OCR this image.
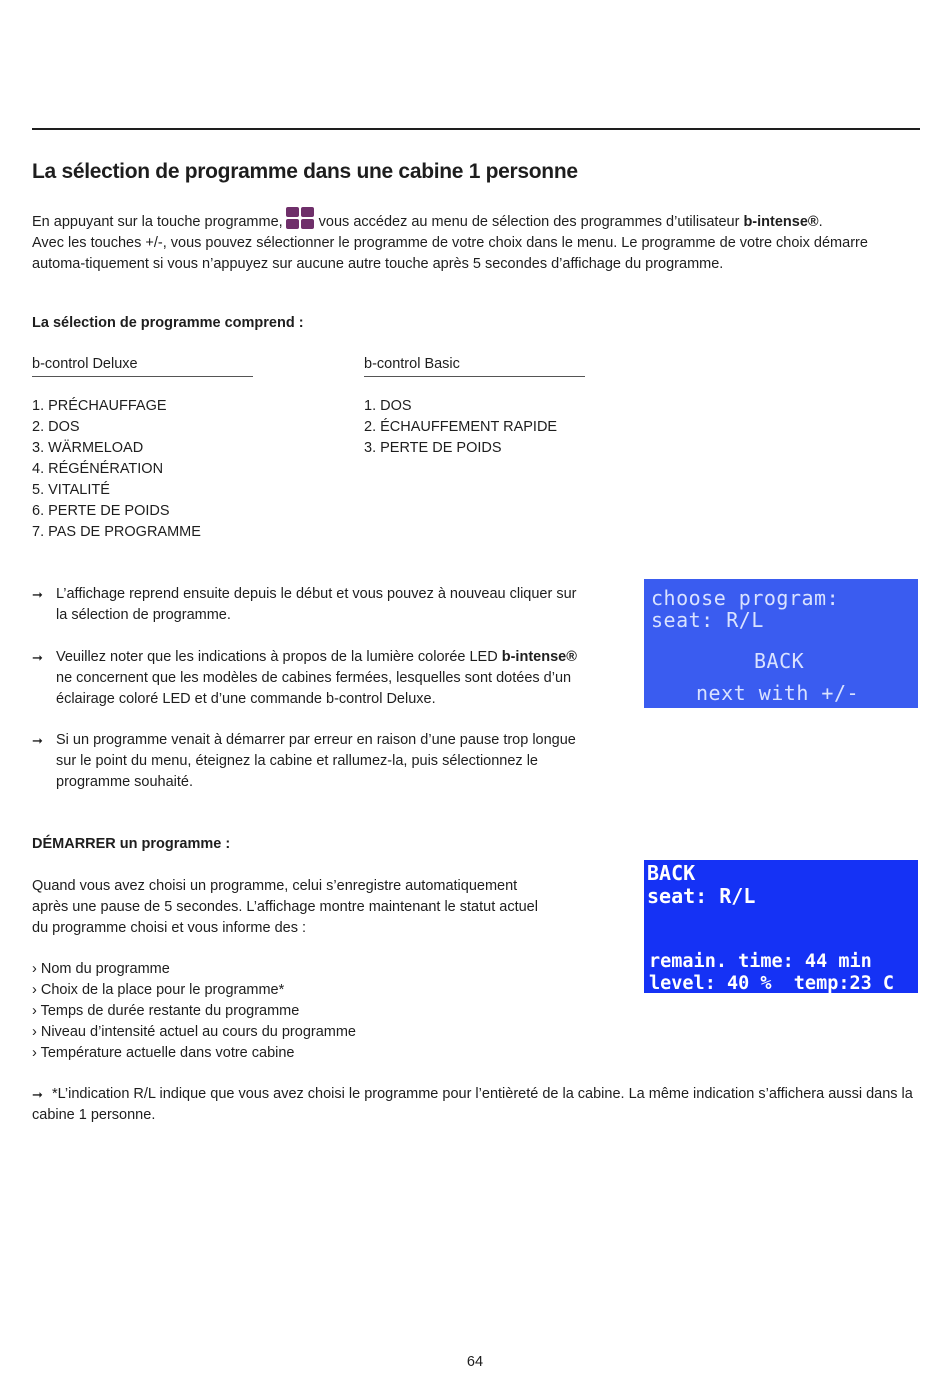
La sélection de programme dans une cabine 1 personne
En appuyant sur la touche programme, vous accédez au menu de sélection des programmes d’utilisateur b-intense®.
Avec les touches +/-, vous pouvez sélectionner le programme de votre choix dans le menu. Le programme de votre choix démarre automa-tiquement si vous n’appuyez sur aucune autre touche après 5 secondes d’affichage du programme.
La sélection de programme comprend :
b-control Deluxe
1. PRÉCHAUFFAGE
2. DOS
3. WÄRMELOAD
4. RÉGÉNÉRATION
5. VITALITÉ
6. PERTE DE POIDS
7. PAS DE PROGRAMME
b-control Basic
1. DOS
2. ÉCHAUFFEMENT RAPIDE
3. PERTE DE POIDS
➞ L’affichage reprend ensuite depuis le début et vous pouvez à nouveau cliquer sur la sélection de programme.
➞ Veuillez noter que les indications à propos de la lumière colorée LED b-intense® ne concernent que les modèles de cabines fermées, lesquelles sont dotées d’un éclairage coloré LED et d’une commande b-control Deluxe.
➞ Si un programme venait à démarrer par erreur en raison d’une pause trop longue sur le point du menu, éteignez la cabine et rallumez-la, puis sélectionnez le programme souhaité.

choose program:

seat: R/L

BACK

next with +/-

DÉMARRER un programme :
Quand vous avez choisi un programme, celui s’enregistre automatiquement après une pause de 5 secondes. L’affichage montre maintenant le statut actuel du programme choisi et vous informe des :
› Nom du programme
› Choix de la place pour le programme*
› Temps de durée restante du programme
› Niveau d’intensité actuel au cours du programme
› Température actuelle dans votre cabine
➞ *L’indication R/L indique que vous avez choisi le programme pour l’entièreté de la cabine. La même indication s’affichera aussi dans la cabine 1 personne.

BACK

seat: R/L

remain. time: 44 min

level: 40 %  temp:23 C

64
